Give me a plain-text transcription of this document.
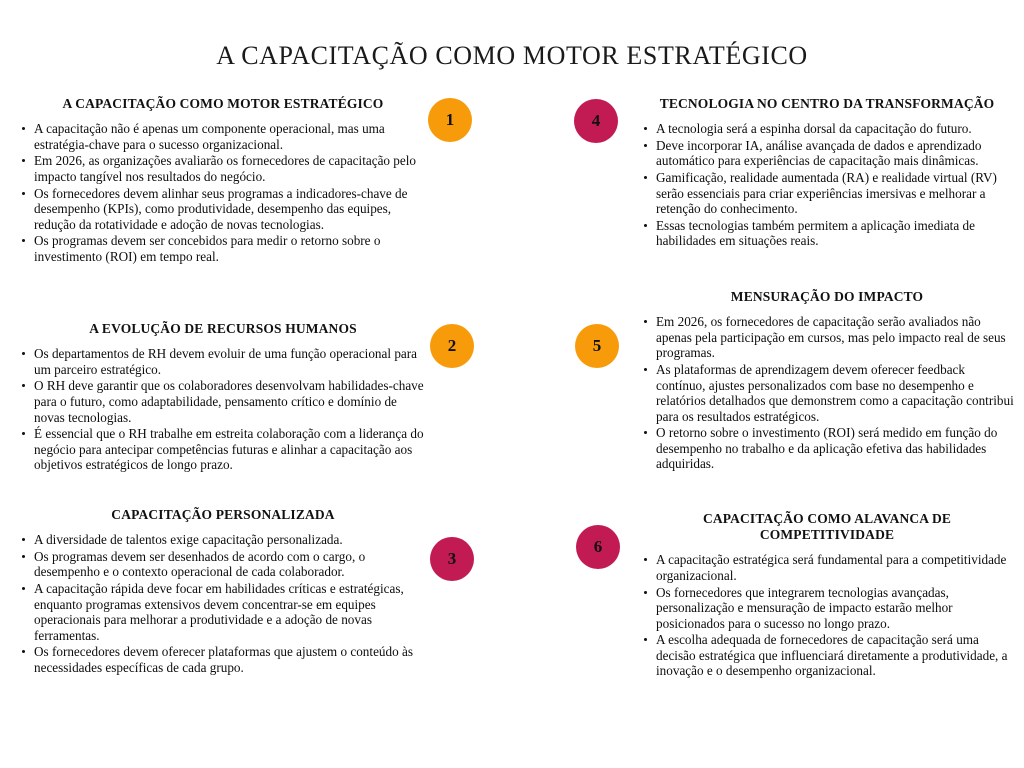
A CAPACITAÇÃO COMO MOTOR ESTRATÉGICO
A CAPACITAÇÃO COMO MOTOR ESTRATÉGICO
A capacitação não é apenas um componente operacional, mas uma estratégia-chave para o sucesso organizacional.
Em 2026, as organizações avaliarão os fornecedores de capacitação pelo impacto tangível nos resultados do negócio.
Os fornecedores devem alinhar seus programas a indicadores-chave de desempenho (KPIs), como produtividade, desempenho das equipes, redução da rotatividade e adoção de novas tecnologias.
Os programas devem ser concebidos para medir o retorno sobre o investimento (ROI) em tempo real.
A EVOLUÇÃO DE RECURSOS HUMANOS
Os departamentos de RH devem evoluir de uma função operacional para um parceiro estratégico.
O RH deve garantir que os colaboradores desenvolvam habilidades-chave para o futuro, como adaptabilidade, pensamento crítico e domínio de novas tecnologias.
É essencial que o RH trabalhe em estreita colaboração com a liderança do negócio para antecipar competências futuras e alinhar a capacitação aos objetivos estratégicos de longo prazo.
CAPACITAÇÃO PERSONALIZADA
A diversidade de talentos exige capacitação personalizada.
Os programas devem ser desenhados de acordo com o cargo, o desempenho e o contexto operacional de cada colaborador.
A capacitação rápida deve focar em habilidades críticas e estratégicas, enquanto programas extensivos devem concentrar-se em equipes operacionais para melhorar a produtividade e a adoção de novas ferramentas.
Os fornecedores devem oferecer plataformas que ajustem o conteúdo às necessidades específicas de cada grupo.
TECNOLOGIA NO CENTRO DA TRANSFORMAÇÃO
A tecnologia será a espinha dorsal da capacitação do futuro.
Deve incorporar IA, análise avançada de dados e aprendizado automático para experiências de capacitação mais dinâmicas.
Gamificação, realidade aumentada (RA) e realidade virtual (RV) serão essenciais para criar experiências imersivas e melhorar a retenção do conhecimento.
Essas tecnologias também permitem a aplicação imediata de habilidades em situações reais.
MENSURAÇÃO DO IMPACTO
Em 2026, os fornecedores de capacitação serão avaliados não apenas pela participação em cursos, mas pelo impacto real de seus programas.
As plataformas de aprendizagem devem oferecer feedback contínuo, ajustes personalizados com base no desempenho e relatórios detalhados que demonstrem como a capacitação contribui para os resultados estratégicos.
O retorno sobre o investimento (ROI) será medido em função do desempenho no trabalho e da aplicação efetiva das habilidades adquiridas.
CAPACITAÇÃO COMO ALAVANCA DE COMPETITIVIDADE
A capacitação estratégica será fundamental para a competitividade organizacional.
Os fornecedores que integrarem tecnologias avançadas, personalização e mensuração de impacto estarão melhor posicionados para o sucesso no longo prazo.
A escolha adequada de fornecedores de capacitação será uma decisão estratégica que influenciará diretamente a produtividade, a inovação e o desempenho organizacional.
1
2
3
4
5
6
